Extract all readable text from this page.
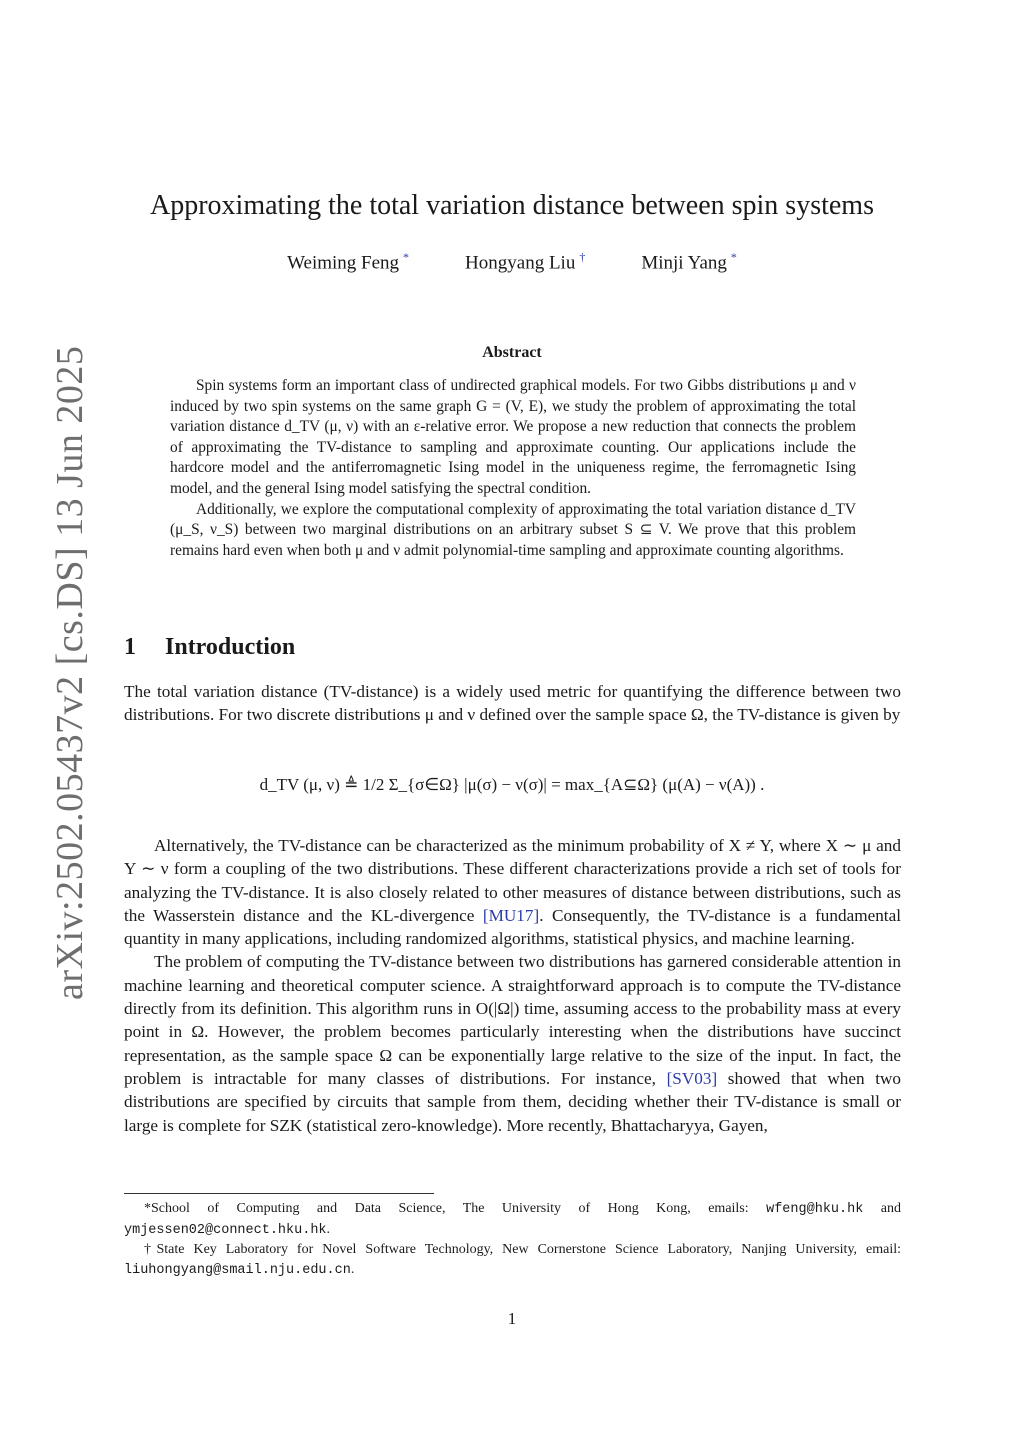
arXiv:2502.05437v2 [cs.DS] 13 Jun 2025
Approximating the total variation distance between spin systems
Weiming Feng *	Hongyang Liu †	Minji Yang *
Abstract

Spin systems form an important class of undirected graphical models. For two Gibbs distributions μ and ν induced by two spin systems on the same graph G = (V, E), we study the problem of approximating the total variation distance d_TV (μ, ν) with an ε-relative error. We propose a new reduction that connects the problem of approximating the TV-distance to sampling and approximate counting. Our applications include the hardcore model and the antiferromagnetic Ising model in the uniqueness regime, the ferromagnetic Ising model, and the general Ising model satisfying the spectral condition.

Additionally, we explore the computational complexity of approximating the total variation distance d_TV (μ_S, ν_S) between two marginal distributions on an arbitrary subset S ⊆ V. We prove that this problem remains hard even when both μ and ν admit polynomial-time sampling and approximate counting algorithms.

1 Introduction

The total variation distance (TV-distance) is a widely used metric for quantifying the difference between two distributions. For two discrete distributions μ and ν defined over the sample space Ω, the TV-distance is given by

d_TV (μ, ν) ≜ 1/2 Σ_{σ∈Ω} |μ(σ) − ν(σ)| = max_{A⊆Ω} (μ(A) − ν(A)) .

Alternatively, the TV-distance can be characterized as the minimum probability of X ≠ Y, where X ∼ μ and Y ∼ ν form a coupling of the two distributions. These different characterizations provide a rich set of tools for analyzing the TV-distance. It is also closely related to other measures of distance between distributions, such as the Wasserstein distance and the KL-divergence [MU17]. Consequently, the TV-distance is a fundamental quantity in many applications, including randomized algorithms, statistical physics, and machine learning.

The problem of computing the TV-distance between two distributions has garnered considerable attention in machine learning and theoretical computer science. A straightforward approach is to compute the TV-distance directly from its definition. This algorithm runs in O(|Ω|) time, assuming access to the probability mass at every point in Ω. However, the problem becomes particularly interesting when the distributions have succinct representation, as the sample space Ω can be exponentially large relative to the size of the input. In fact, the problem is intractable for many classes of distributions. For instance, [SV03] showed that when two distributions are specified by circuits that sample from them, deciding whether their TV-distance is small or large is complete for SZK (statistical zero-knowledge). More recently, Bhattacharyya, Gayen,

*School of Computing and Data Science, The University of Hong Kong, emails: wfeng@hku.hk and ymjessen02@connect.hku.hk.

†State Key Laboratory for Novel Software Technology, New Cornerstone Science Laboratory, Nanjing University, email: liuhongyang@smail.nju.edu.cn.

1
